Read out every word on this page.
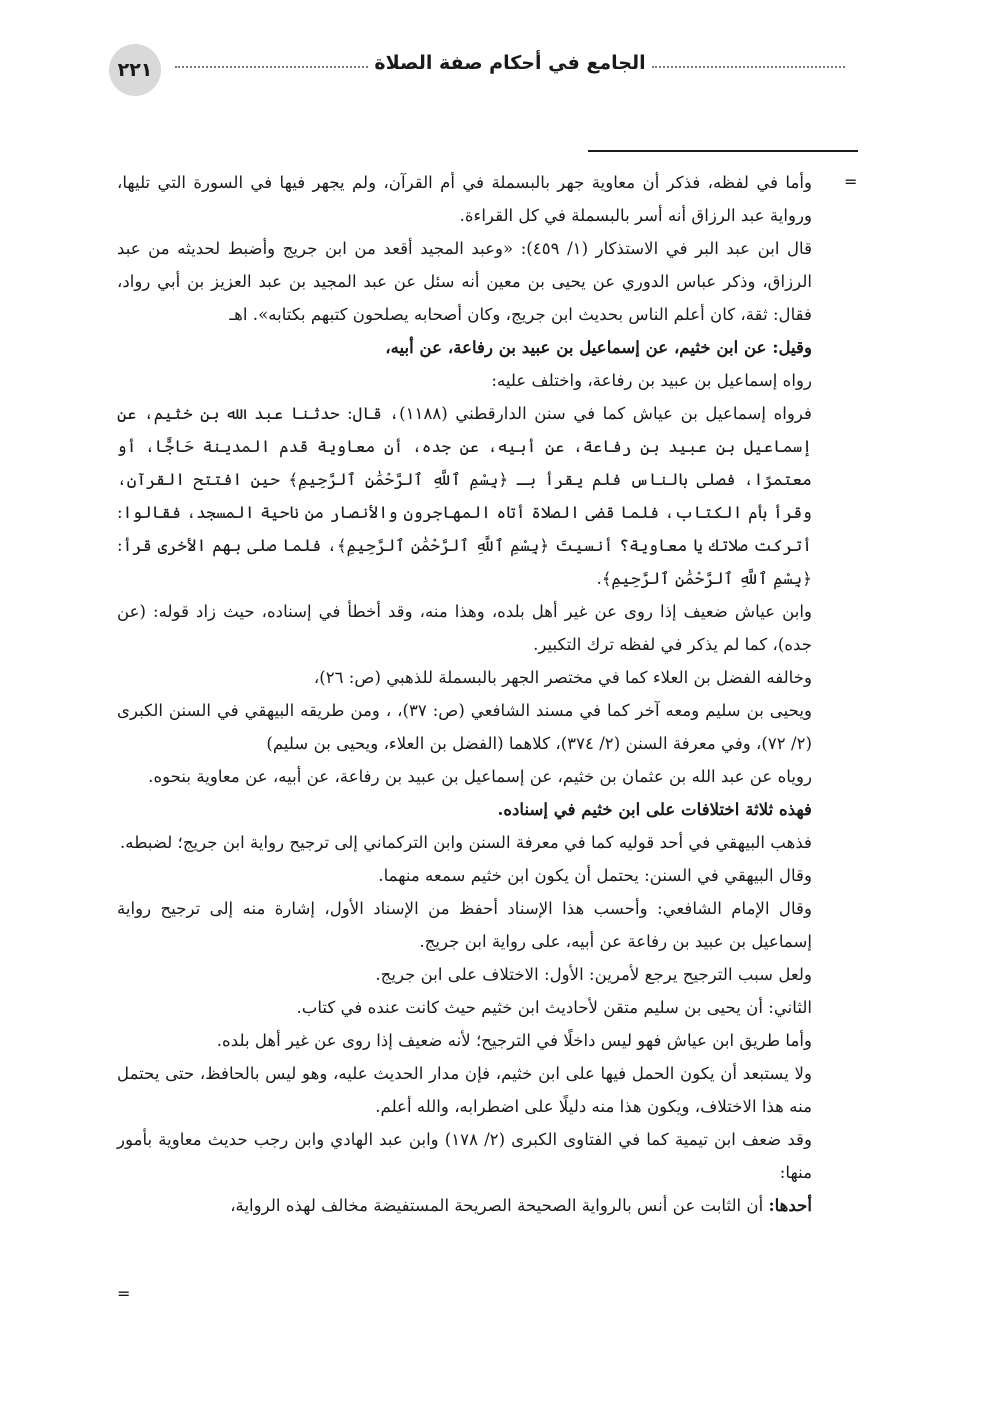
٢٢١	الجامع في أحكام صفة الصلاة
=
=

وأما في لفظه، فذكر أن معاوية جهر بالبسملة في أم القرآن، ولم يجهر فيها في السورة التي تليها، ورواية عبد الرزاق أنه أسر بالبسملة في كل القراءة.

قال ابن عبد البر في الاستذكار (١/ ٤٥٩): «وعبد المجيد أقعد من ابن جريج وأضبط لحديثه من عبد الرزاق، وذكر عباس الدوري عن يحيى بن معين أنه سئل عن عبد المجيد بن عبد العزيز بن أبي رواد، فقال: ثقة، كان أعلم الناس بحديث ابن جريج، وكان أصحابه يصلحون كتبهم بكتابه». اهـ

وقيل: عن ابن خثيم، عن إسماعيل بن عبيد بن رفاعة، عن أبيه،

رواه إسماعيل بن عبيد بن رفاعة، واختلف عليه:

فرواه إسماعيل بن عياش كما في سنن الدارقطني (١١٨٨)، قال: حدثنا عبد الله بن خثيم، عن إسماعيل بن عبيد بن رفاعة، عن أبيه، عن جده، أن معاوية قدم المدينة حَاجًّا، أو معتمرًا، فصلى بالناس فلم يقرأ بـ ﴿بِسْمِ ٱللَّهِ ٱلرَّحْمَٰنِ ٱلرَّحِيمِ﴾ حين افتتح القرآن، وقرأ بأم الكتاب، فلما قضى الصلاة أتاه المهاجرون والأنصار من ناحية المسجد، فقالوا: أتركت صلاتك يا معاوية؟ أنسيتَ ﴿بِسْمِ ٱللَّهِ ٱلرَّحْمَٰنِ ٱلرَّحِيمِ﴾، فلما صلى بهم الأخرى قرأ: ﴿بِسْمِ ٱللَّهِ ٱلرَّحْمَٰنِ ٱلرَّحِيمِ﴾.

وابن عياش ضعيف إذا روى عن غير أهل بلده، وهذا منه، وقد أخطأ في إسناده، حيث زاد قوله: (عن جده)، كما لم يذكر في لفظه ترك التكبير.

وخالفه الفضل بن العلاء كما في مختصر الجهر بالبسملة للذهبي (ص: ٢٦)،

ويحيى بن سليم ومعه آخر كما في مسند الشافعي (ص: ٣٧)، ، ومن طريقه البيهقي في السنن الكبرى (٢/ ٧٢)، وفي معرفة السنن (٢/ ٣٧٤)، كلاهما (الفضل بن العلاء، ويحيى بن سليم)

روياه عن عبد الله بن عثمان بن خثيم، عن إسماعيل بن عبيد بن رفاعة، عن أبيه، عن معاوية بنحوه.

فهذه ثلاثة اختلافات على ابن خثيم في إسناده.

فذهب البيهقي في أحد قوليه كما في معرفة السنن وابن التركماني إلى ترجيح رواية ابن جريج؛ لضبطه.

وقال البيهقي في السنن: يحتمل أن يكون ابن خثيم سمعه منهما.

وقال الإمام الشافعي: وأحسب هذا الإسناد أحفظ من الإسناد الأول، إشارة منه إلى ترجيح رواية إسماعيل بن عبيد بن رفاعة عن أبيه، على رواية ابن جريج.

ولعل سبب الترجيح يرجع لأمرين: الأول: الاختلاف على ابن جريج.

الثاني: أن يحيى بن سليم متقن لأحاديث ابن خثيم حيث كانت عنده في كتاب.

وأما طريق ابن عياش فهو ليس داخلًا في الترجيح؛ لأنه ضعيف إذا روى عن غير أهل بلده.

ولا يستبعد أن يكون الحمل فيها على ابن خثيم، فإن مدار الحديث عليه، وهو ليس بالحافظ، حتى يحتمل منه هذا الاختلاف، ويكون هذا منه دليلًا على اضطرابه، والله أعلم.

وقد ضعف ابن تيمية كما في الفتاوى الكبرى (٢/ ١٧٨) وابن عبد الهادي وابن رجب حديث معاوية بأمور منها:

أحدها: أن الثابت عن أنس بالرواية الصحيحة الصريحة المستفيضة مخالف لهذه الرواية،
